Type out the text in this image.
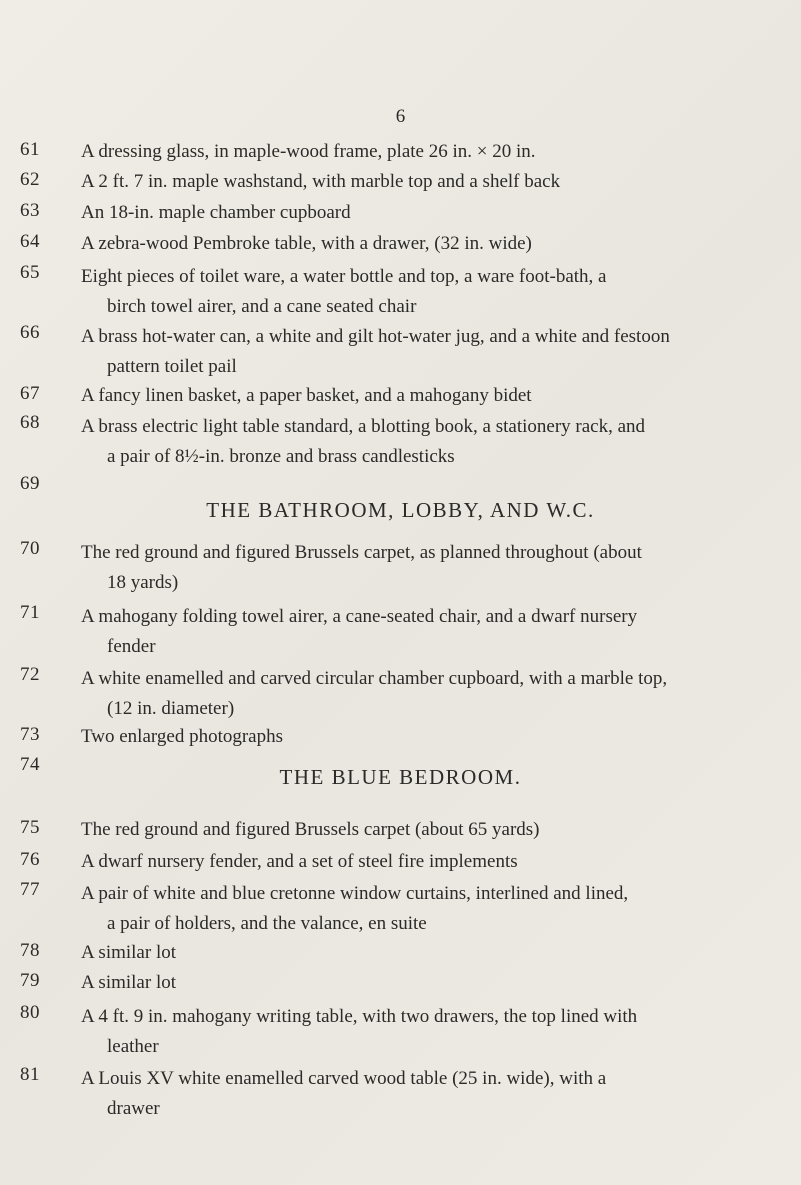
6
61	A dressing glass, in maple-wood frame, plate 26 in. × 20 in.
62	A 2 ft. 7 in. maple washstand, with marble top and a shelf back
63	An 18-in. maple chamber cupboard
64	A zebra-wood Pembroke table, with a drawer, (32 in. wide)
65	Eight pieces of toilet ware, a water bottle and top, a ware foot-bath, a
birch towel airer, and a cane seated chair
66	A brass hot-water can, a white and gilt hot-water jug, and a white and festoon
pattern toilet pail
67	A fancy linen basket, a paper basket, and a mahogany bidet
68	A brass electric light table standard, a blotting book, a stationery rack, and
a pair of 8½-in. bronze and brass candlesticks
69
THE BATHROOM, LOBBY, AND W.C.
70	The red ground and figured Brussels carpet, as planned throughout (about
18 yards)
71	A mahogany folding towel airer, a cane-seated chair, and a dwarf nursery
fender
72	A white enamelled and carved circular chamber cupboard, with a marble top,
(12 in. diameter)
73	Two enlarged photographs
74
THE BLUE BEDROOM.
75	The red ground and figured Brussels carpet (about 65 yards)
76	A dwarf nursery fender, and a set of steel fire implements
77	A pair of white and blue cretonne window curtains, interlined and lined,
a pair of holders, and the valance, en suite
78	A similar lot
79	A similar lot
80	A 4 ft. 9 in. mahogany writing table, with two drawers, the top lined with
leather
81	A Louis XV white enamelled carved wood table (25 in. wide), with a
drawer
